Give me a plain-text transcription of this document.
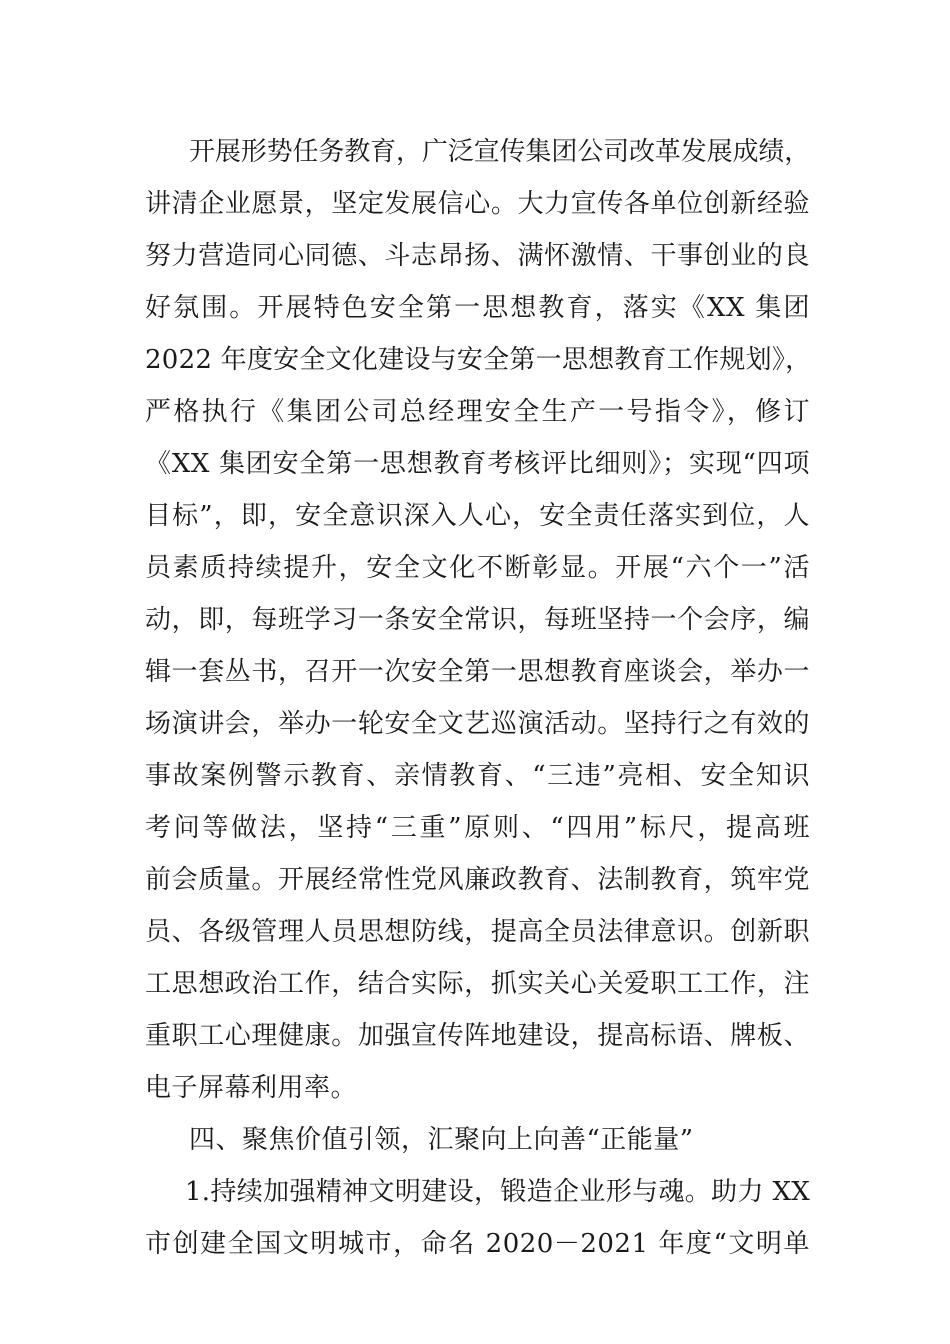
开展形势任务教育，广泛宣传集团公司改革发展成绩，
讲清企业愿景，坚定发展信心。大力宣传各单位创新经验
努力营造同心同德、斗志昂扬、满怀激情、干事创业的良
好氛围。开展特色安全第一思想教育，落实《XX 集团
2022 年度安全文化建设与安全第一思想教育工作规划》，
严格执行《集团公司总经理安全生产一号指令》，修订
《XX 集团安全第一思想教育考核评比细则》；实现“四项
目标”，即，安全意识深入人心，安全责任落实到位，人
员素质持续提升，安全文化不断彰显。开展“六个一”活
动，即，每班学习一条安全常识，每班坚持一个会序，编
辑一套丛书，召开一次安全第一思想教育座谈会，举办一
场演讲会，举办一轮安全文艺巡演活动。坚持行之有效的
事故案例警示教育、亲情教育、“三违”亮相、安全知识
考问等做法，坚持“三重”原则、“四用”标尺，提高班
前会质量。开展经常性党风廉政教育、法制教育，筑牢党
员、各级管理人员思想防线，提高全员法律意识。创新职
工思想政治工作，结合实际，抓实关心关爱职工工作，注
重职工心理健康。加强宣传阵地建设，提高标语、牌板、
电子屏幕利用率。
四、聚焦价值引领，汇聚向上向善“正能量”
1.持续加强精神文明建设，锻造企业形与魂。助力 XX
市创建全国文明城市，命名 2020－2021 年度“文明单
